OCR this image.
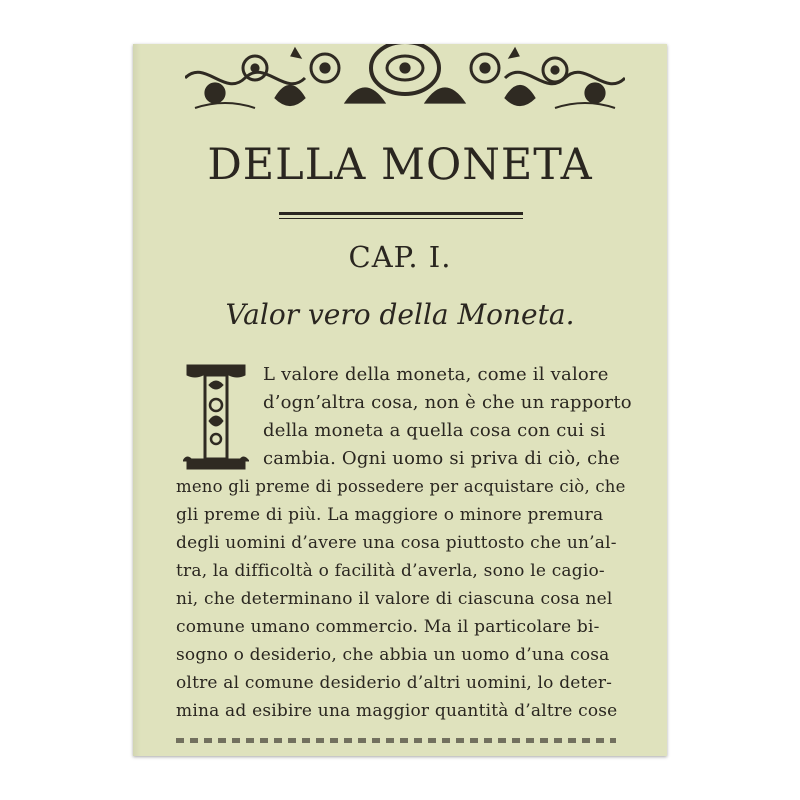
DELLA MONETA
CAP. I.
Valor vero della Moneta.
L valore della moneta, come il valore
d’ogn’altra cosa, non è che un rapporto
della moneta a quella cosa con cui si
cambia. Ogni uomo si priva di ciò, che
meno gli preme di possedere per acquistare ciò, che
gli preme di più. La maggiore o minore premura
degli uomini d’avere una cosa piuttosto che un’al-
tra, la difficoltà o facilità d’averla, sono le cagio-
ni, che determinano il valore di ciascuna cosa nel
comune umano commercio. Ma il particolare bi-
sogno o desiderio, che abbia un uomo d’una cosa
oltre al comune desiderio d’altri uomini, lo deter-
mina ad esibire una maggior quantità d’altre cose
